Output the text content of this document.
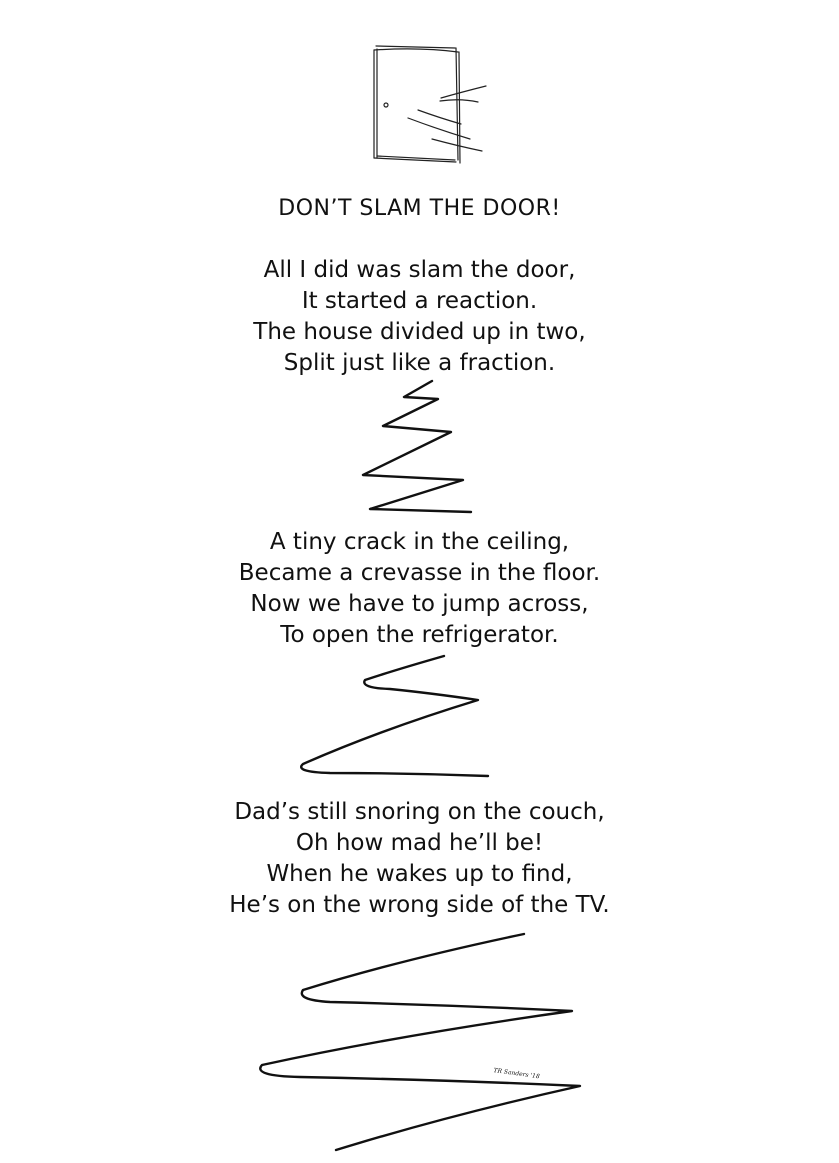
DON’T SLAM THE DOOR!
All I did was slam the door,
It started a reaction.
The house divided up in two,
Split just like a fraction.
A tiny crack in the ceiling,
Became a crevasse in the floor.
Now we have to jump across,
To open the refrigerator.
Dad’s still snoring on the couch,
Oh how mad he’ll be!
When he wakes up to find,
He’s on the wrong side of the TV.
TR Sanders '18
